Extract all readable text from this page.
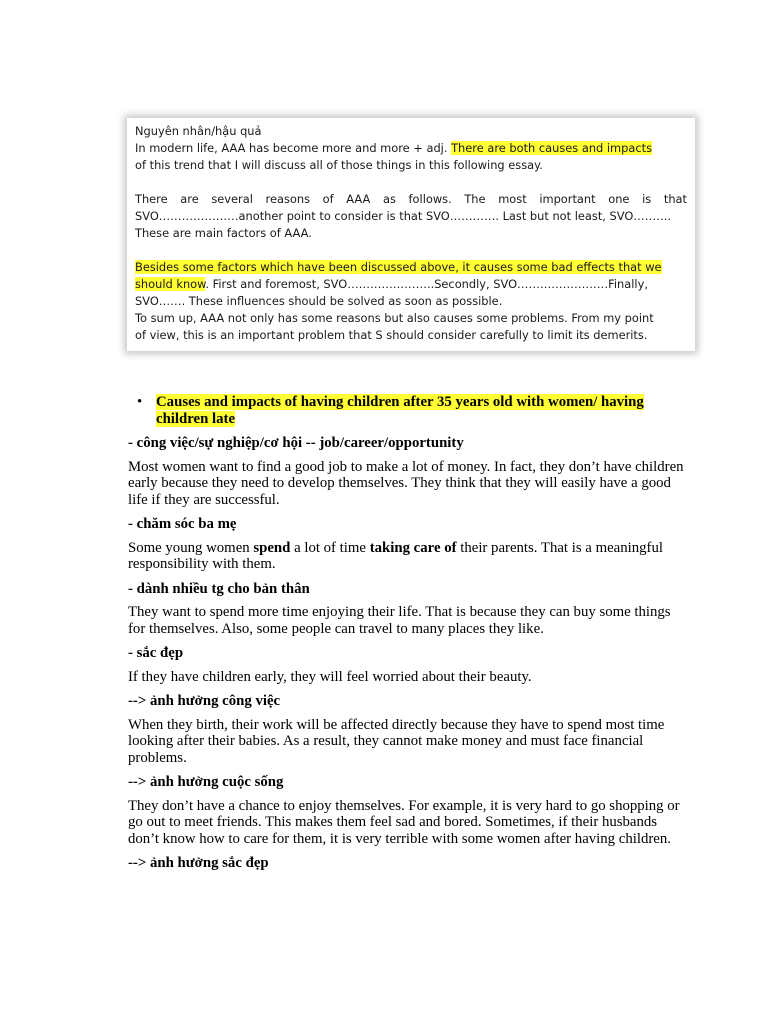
Nguyên nhân/hậu quả

In modern life, AAA has become more and more + adj. There are both causes and impacts

of this trend that I will discuss all of those things in this following essay.

There are several reasons of AAA as follows. The most important one is that

SVO…………………another point to consider is that SVO…………. Last but not least, SVO……….

These are main factors of AAA.

Besides some factors which have been discussed above, it causes some bad effects that we

should know. First and foremost, SVO…………………..Secondly, SVO……………………Finally,

SVO……. These influences should be solved as soon as possible.

To sum up, AAA not only has some reasons but also causes some problems. From my point

of view, this is an important problem that S should consider carefully to limit its demerits.

• Causes and impacts of having children after 35 years old with women/ having children late
- công việc/sự nghiệp/cơ hội -- job/career/opportunity

Most women want to find a good job to make a lot of money. In fact, they don’t have children early because they need to develop themselves. They think that they will easily have a good life if they are successful.

- chăm sóc ba mẹ

Some young women spend a lot of time taking care of their parents. That is a meaningful responsibility with them.

- dành nhiều tg cho bản thân

They want to spend more time enjoying their life. That is because they can buy some things for themselves. Also, some people can travel to many places they like.

- sắc đẹp

If they have children early, they will feel worried about their beauty.

--> ảnh hưởng công việc

When they birth, their work will be affected directly because they have to spend most time looking after their babies. As a result, they cannot make money and must face financial problems.

--> ảnh hưởng cuộc sống

They don’t have a chance to enjoy themselves. For example, it is very hard to go shopping or go out to meet friends. This makes them feel sad and bored. Sometimes, if their husbands don’t know how to care for them, it is very terrible with some women after having children.

--> ảnh hưởng sắc đẹp
